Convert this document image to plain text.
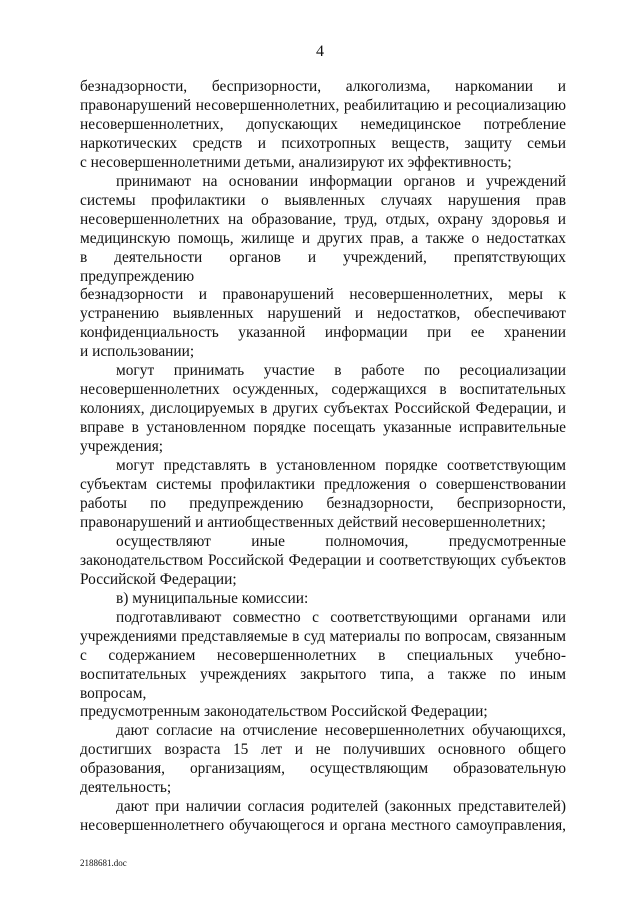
4

безнадзорности, беспризорности, алкоголизма, наркомании и

правонарушений несовершеннолетних, реабилитацию и ресоциализацию

несовершеннолетних, допускающих немедицинское потребление

наркотических средств и психотропных веществ, защиту семьи

с несовершеннолетними детьми, анализируют их эффективность;

принимают на основании информации органов и учреждений

системы профилактики о выявленных случаях нарушения прав

несовершеннолетних на образование, труд, отдых, охрану здоровья и

медицинскую помощь, жилище и других прав, а также о недостатках

в деятельности органов и учреждений, препятствующих предупреждению

безнадзорности и правонарушений несовершеннолетних, меры к

устранению выявленных нарушений и недостатков, обеспечивают

конфиденциальность указанной информации при ее хранении

и использовании;

могут принимать участие в работе по ресоциализации

несовершеннолетних осужденных, содержащихся в воспитательных

колониях, дислоцируемых в других субъектах Российской Федерации, и

вправе в установленном порядке посещать указанные исправительные

учреждения;

могут представлять в установленном порядке соответствующим

субъектам системы профилактики предложения о совершенствовании

работы по предупреждению безнадзорности, беспризорности,

правонарушений и антиобщественных действий несовершеннолетних;

осуществляют иные полномочия, предусмотренные

законодательством Российской Федерации и соответствующих субъектов

Российской Федерации;

в) муниципальные комиссии:

подготавливают совместно с соответствующими органами или

учреждениями представляемые в суд материалы по вопросам, связанным

с содержанием несовершеннолетних в специальных учебно-

воспитательных учреждениях закрытого типа, а также по иным вопросам,

предусмотренным законодательством Российской Федерации;

дают согласие на отчисление несовершеннолетних обучающихся,

достигших возраста 15 лет и не получивших основного общего

образования, организациям, осуществляющим образовательную

деятельность;

дают при наличии согласия родителей (законных представителей)

несовершеннолетнего обучающегося и органа местного самоуправления,

2188681.doc
